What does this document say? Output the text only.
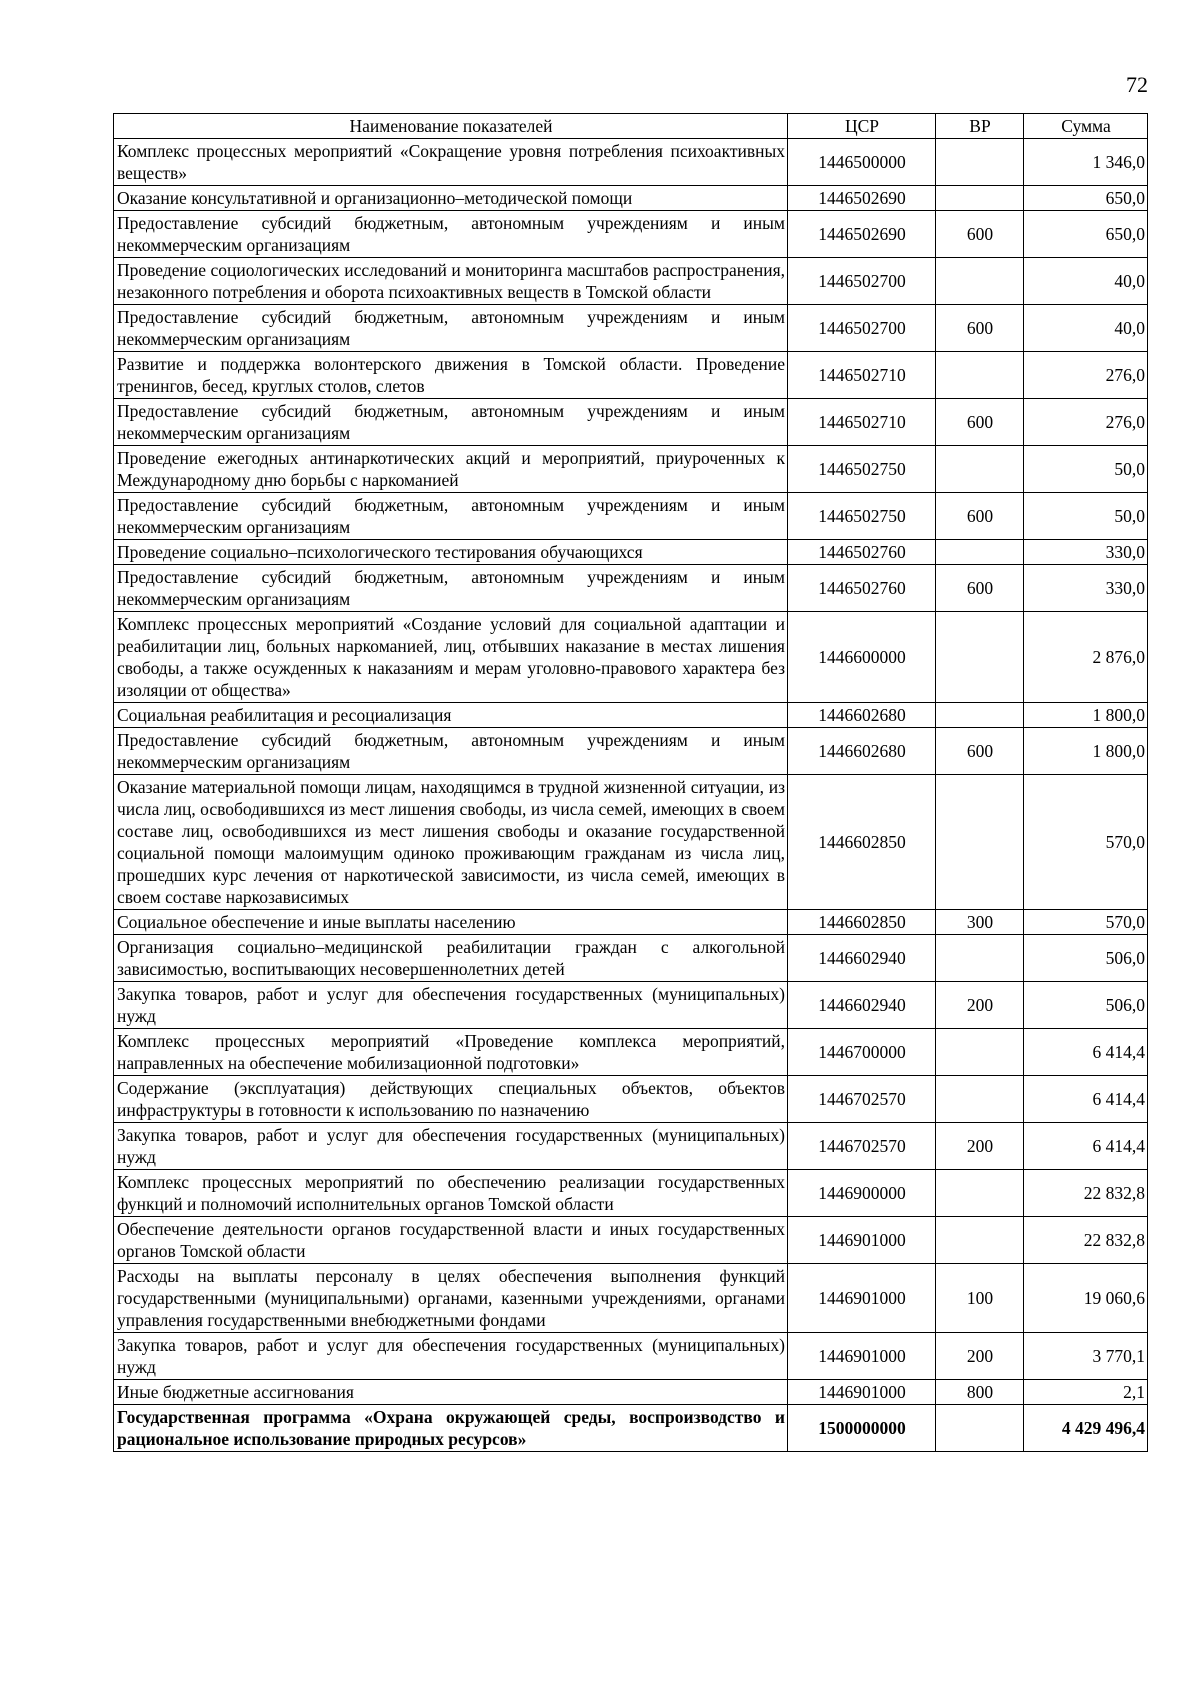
72
Наименование показателей	ЦСР	ВР	Сумма
Комплекс процессных мероприятий «Сокращение уровня потребления психоактивных веществ»	1446500000		1 346,0
Оказание консультативной и организационно–методической помощи	1446502690		650,0
Предоставление субсидий бюджетным, автономным учреждениям и иным некоммерческим организациям	1446502690	600	650,0
Проведение социологических исследований и мониторинга масштабов распространения, незаконного потребления и оборота психоактивных веществ в Томской области	1446502700		40,0
Предоставление субсидий бюджетным, автономным учреждениям и иным некоммерческим организациям	1446502700	600	40,0
Развитие и поддержка волонтерского движения в Томской области. Проведение тренингов, бесед, круглых столов, слетов	1446502710		276,0
Предоставление субсидий бюджетным, автономным учреждениям и иным некоммерческим организациям	1446502710	600	276,0
Проведение ежегодных антинаркотических акций и мероприятий, приуроченных к Международному дню борьбы с наркоманией	1446502750		50,0
Предоставление субсидий бюджетным, автономным учреждениям и иным некоммерческим организациям	1446502750	600	50,0
Проведение социально–психологического тестирования обучающихся	1446502760		330,0
Предоставление субсидий бюджетным, автономным учреждениям и иным некоммерческим организациям	1446502760	600	330,0
Комплекс процессных мероприятий «Создание условий для социальной адаптации и реабилитации лиц, больных наркоманией, лиц, отбывших наказание в местах лишения свободы, а также осужденных к наказаниям и мерам уголовно-правового характера без изоляции от общества»	1446600000		2 876,0
Социальная реабилитация и ресоциализация	1446602680		1 800,0
Предоставление субсидий бюджетным, автономным учреждениям и иным некоммерческим организациям	1446602680	600	1 800,0
Оказание материальной помощи лицам, находящимся в трудной жизненной ситуации, из числа лиц, освободившихся из мест лишения свободы, из числа семей, имеющих в своем составе лиц, освободившихся из мест лишения свободы и оказание государственной социальной помощи малоимущим одиноко проживающим гражданам из числа лиц, прошедших курс лечения от наркотической зависимости, из числа семей, имеющих в своем составе наркозависимых	1446602850		570,0
Социальное обеспечение и иные выплаты населению	1446602850	300	570,0
Организация социально–медицинской реабилитации граждан с алкогольной зависимостью, воспитывающих несовершеннолетних детей	1446602940		506,0
Закупка товаров, работ и услуг для обеспечения государственных (муниципальных) нужд	1446602940	200	506,0
Комплекс процессных мероприятий «Проведение комплекса мероприятий, направленных на обеспечение мобилизационной подготовки»	1446700000		6 414,4
Содержание (эксплуатация) действующих специальных объектов, объектов инфраструктуры в готовности к использованию по назначению	1446702570		6 414,4
Закупка товаров, работ и услуг для обеспечения государственных (муниципальных) нужд	1446702570	200	6 414,4
Комплекс процессных мероприятий по обеспечению реализации государственных функций и полномочий исполнительных органов Томской области	1446900000		22 832,8
Обеспечение деятельности органов государственной власти и иных государственных органов Томской области	1446901000		22 832,8
Расходы на выплаты персоналу в целях обеспечения выполнения функций государственными (муниципальными) органами, казенными учреждениями, органами управления государственными внебюджетными фондами	1446901000	100	19 060,6
Закупка товаров, работ и услуг для обеспечения государственных (муниципальных) нужд	1446901000	200	3 770,1
Иные бюджетные ассигнования	1446901000	800	2,1
Государственная программа «Охрана окружающей среды, воспроизводство и рациональное использование природных ресурсов»	1500000000		4 429 496,4
